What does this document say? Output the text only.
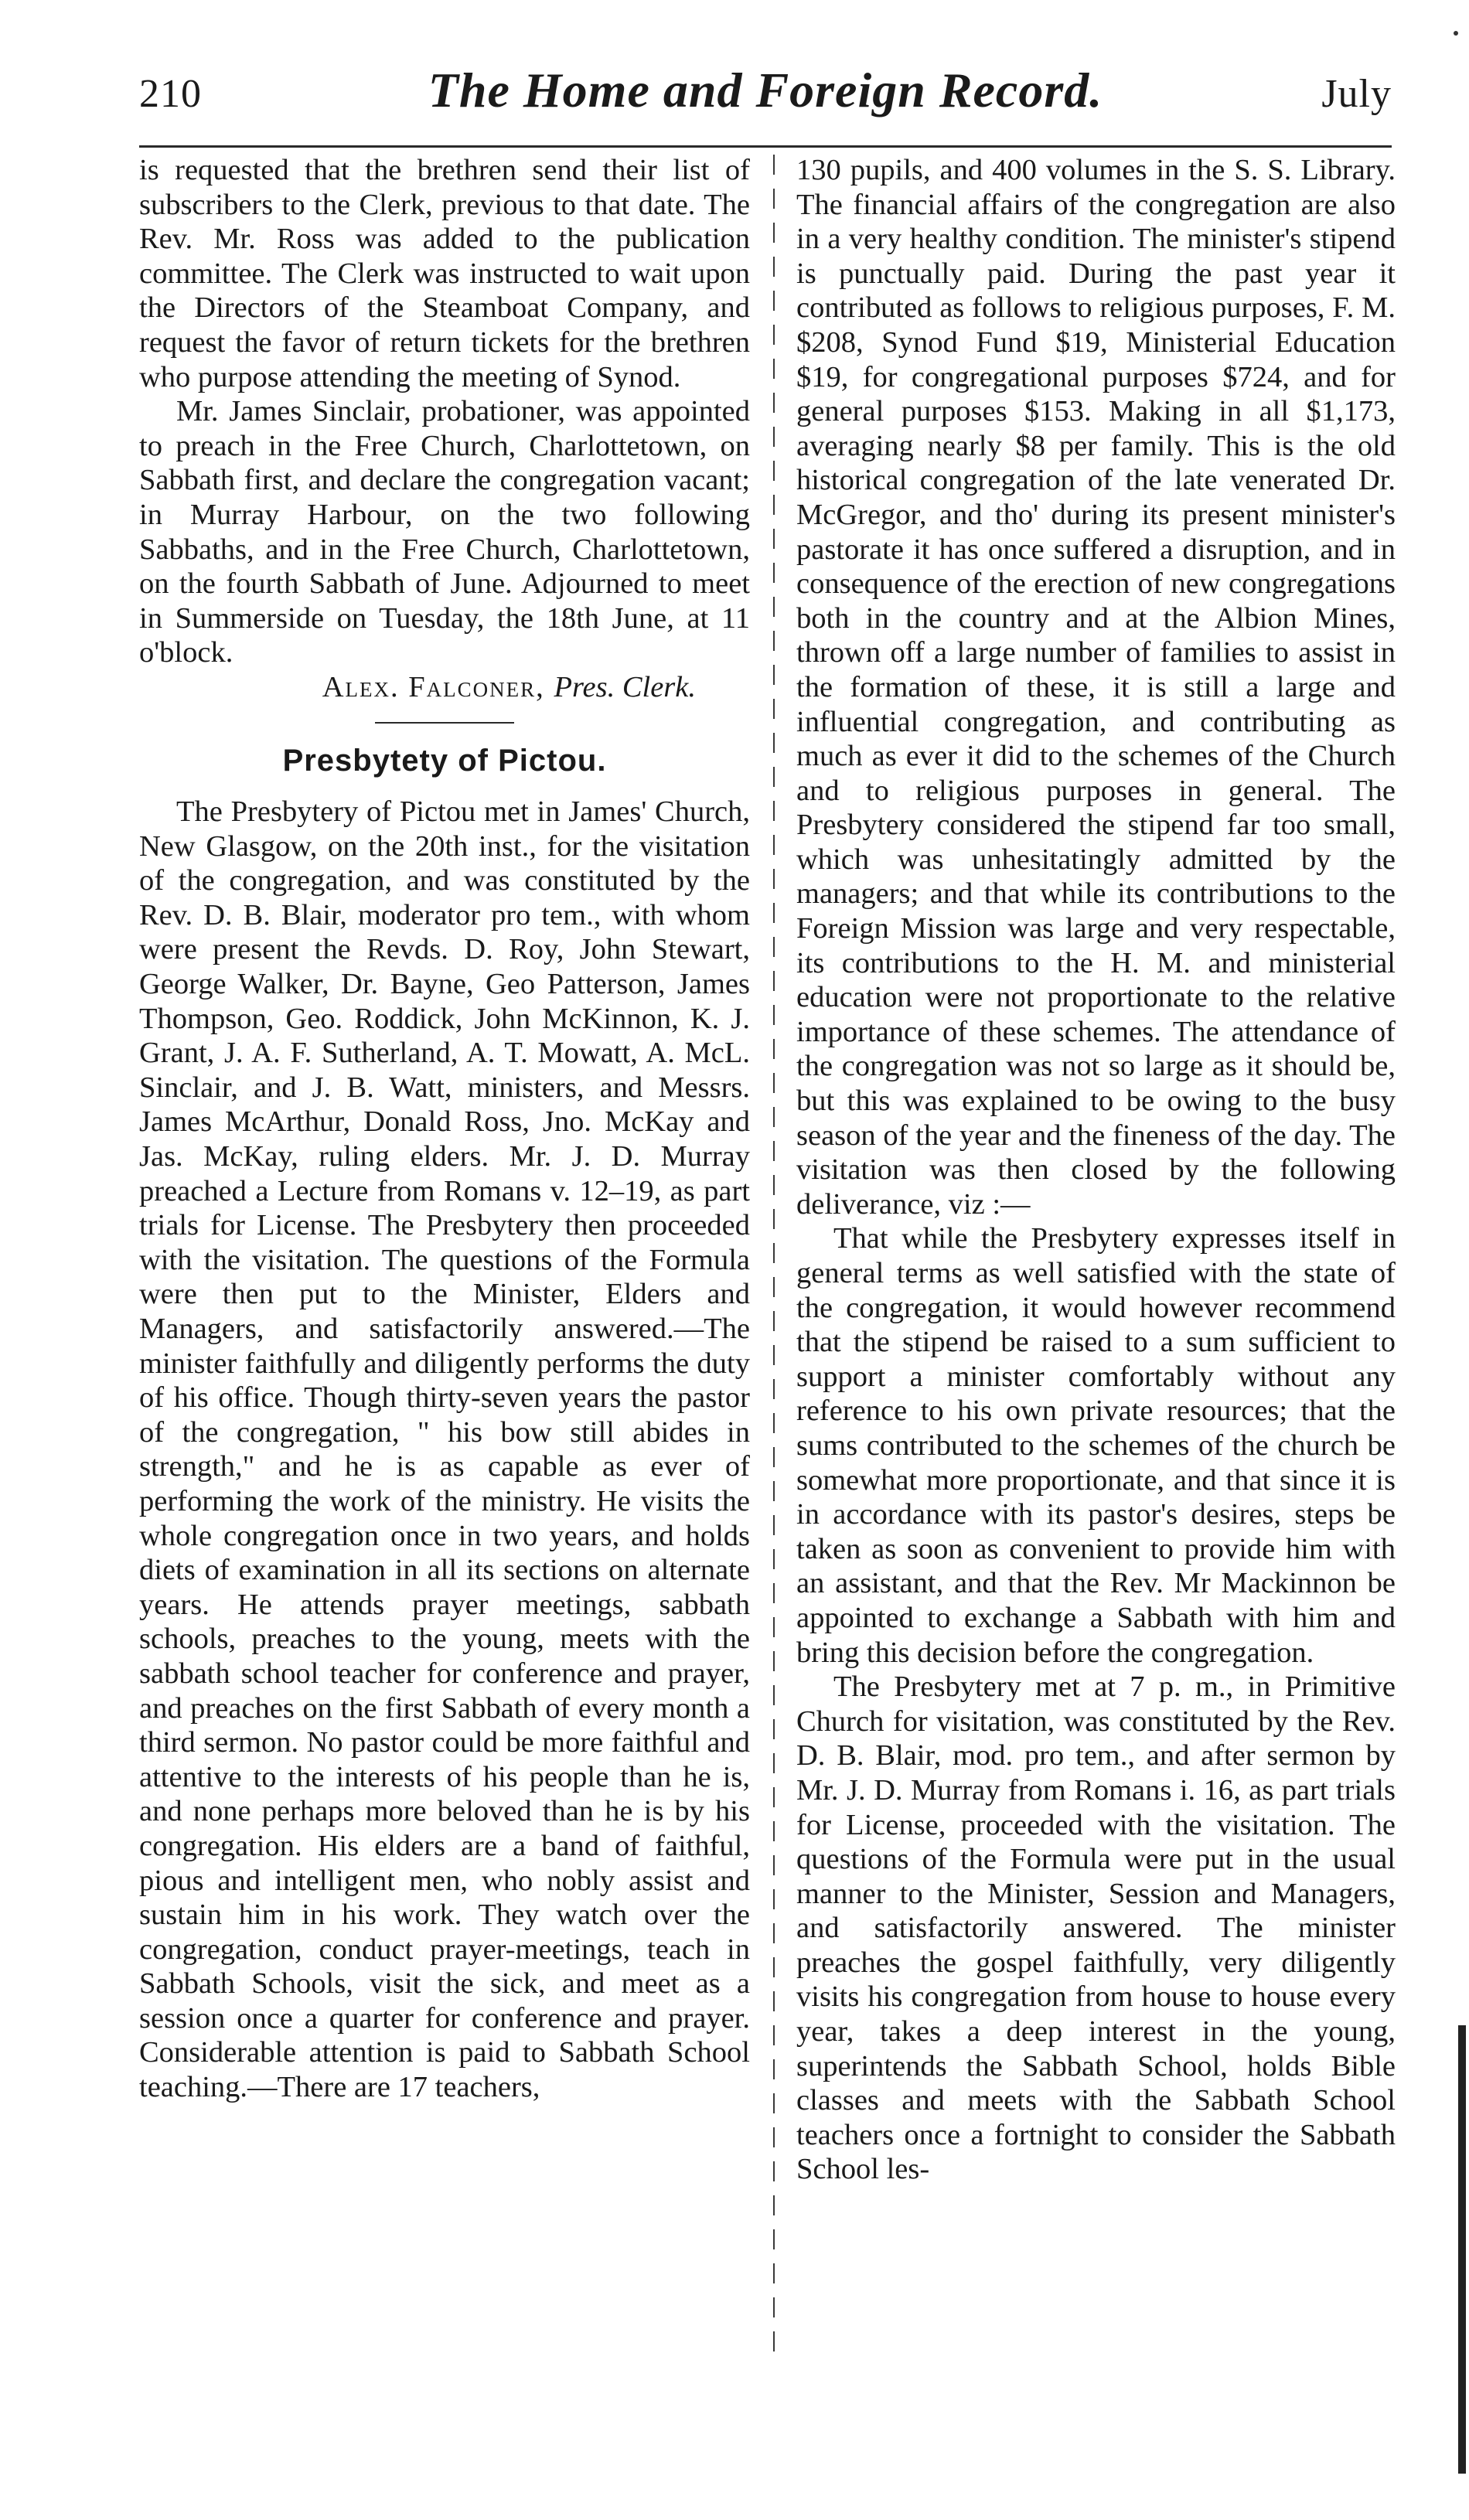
210	The Home and Foreign Record.	July

is requested that the brethren send their list of subscribers to the Clerk, previous to that date. The Rev. Mr. Ross was added to the publication committee. The Clerk was instructed to wait upon the Directors of the Steamboat Company, and request the favor of return tickets for the brethren who purpose attending the meeting of Synod.

Mr. James Sinclair, probationer, was appointed to preach in the Free Church, Charlottetown, on Sabbath first, and declare the congregation vacant; in Murray Harbour, on the two following Sabbaths, and in the Free Church, Charlottetown, on the fourth Sabbath of June. Adjourned to meet in Summerside on Tuesday, the 18th June, at 11 o'block.

Alex. Falconer, Pres. Clerk.

Presbytety of Pictou.

The Presbytery of Pictou met in James' Church, New Glasgow, on the 20th inst., for the visitation of the congregation, and was constituted by the Rev. D. B. Blair, moderator pro tem., with whom were present the Revds. D. Roy, John Stewart, George Walker, Dr. Bayne, Geo Patterson, James Thompson, Geo. Roddick, John McKinnon, K. J. Grant, J. A. F. Sutherland, A. T. Mowatt, A. McL. Sinclair, and J. B. Watt, ministers, and Messrs. James McArthur, Donald Ross, Jno. McKay and Jas. McKay, ruling elders. Mr. J. D. Murray preached a Lecture from Romans v. 12–19, as part trials for License. The Presbytery then proceeded with the visitation. The questions of the Formula were then put to the Minister, Elders and Managers, and satisfactorily answered.—The minister faithfully and diligently performs the duty of his office. Though thirty-seven years the pastor of the congregation, " his bow still abides in strength," and he is as capable as ever of performing the work of the ministry. He visits the whole congregation once in two years, and holds diets of examination in all its sections on alternate years. He attends prayer meetings, sabbath schools, preaches to the young, meets with the sabbath school teacher for conference and prayer, and preaches on the first Sabbath of every month a third sermon. No pastor could be more faithful and attentive to the interests of his people than he is, and none perhaps more beloved than he is by his congregation. His elders are a band of faithful, pious and intelligent men, who nobly assist and sustain him in his work. They watch over the congregation, conduct prayer-meetings, teach in Sabbath Schools, visit the sick, and meet as a session once a quarter for conference and prayer. Considerable attention is paid to Sabbath School teaching.—There are 17 teachers,

130 pupils, and 400 volumes in the S. S. Library. The financial affairs of the congregation are also in a very healthy condition. The minister's stipend is punctually paid. During the past year it contributed as follows to religious purposes, F. M. $208, Synod Fund $19, Ministerial Education $19, for congregational purposes $724, and for general purposes $153. Making in all $1,173, averaging nearly $8 per family. This is the old historical congregation of the late venerated Dr. McGregor, and tho' during its present minister's pastorate it has once suffered a disruption, and in consequence of the erection of new congregations both in the country and at the Albion Mines, thrown off a large number of families to assist in the formation of these, it is still a large and influential congregation, and contributing as much as ever it did to the schemes of the Church and to religious purposes in general. The Presbytery considered the stipend far too small, which was unhesitatingly admitted by the managers; and that while its contributions to the Foreign Mission was large and very respectable, its contributions to the H. M. and ministerial education were not proportionate to the relative importance of these schemes. The attendance of the congregation was not so large as it should be, but this was explained to be owing to the busy season of the year and the fineness of the day. The visitation was then closed by the following deliverance, viz :—

That while the Presbytery expresses itself in general terms as well satisfied with the state of the congregation, it would however recommend that the stipend be raised to a sum sufficient to support a minister comfortably without any reference to his own private resources; that the sums contributed to the schemes of the church be somewhat more proportionate, and that since it is in accordance with its pastor's desires, steps be taken as soon as convenient to provide him with an assistant, and that the Rev. Mr Mackinnon be appointed to exchange a Sabbath with him and bring this decision before the congregation.

The Presbytery met at 7 p. m., in Primitive Church for visitation, was constituted by the Rev. D. B. Blair, mod. pro tem., and after sermon by Mr. J. D. Murray from Romans i. 16, as part trials for License, proceeded with the visitation. The questions of the Formula were put in the usual manner to the Minister, Session and Managers, and satisfactorily answered. The minister preaches the gospel faithfully, very diligently visits his congregation from house to house every year, takes a deep interest in the young, superintends the Sabbath School, holds Bible classes and meets with the Sabbath School teachers once a fortnight to consider the Sabbath School les-
